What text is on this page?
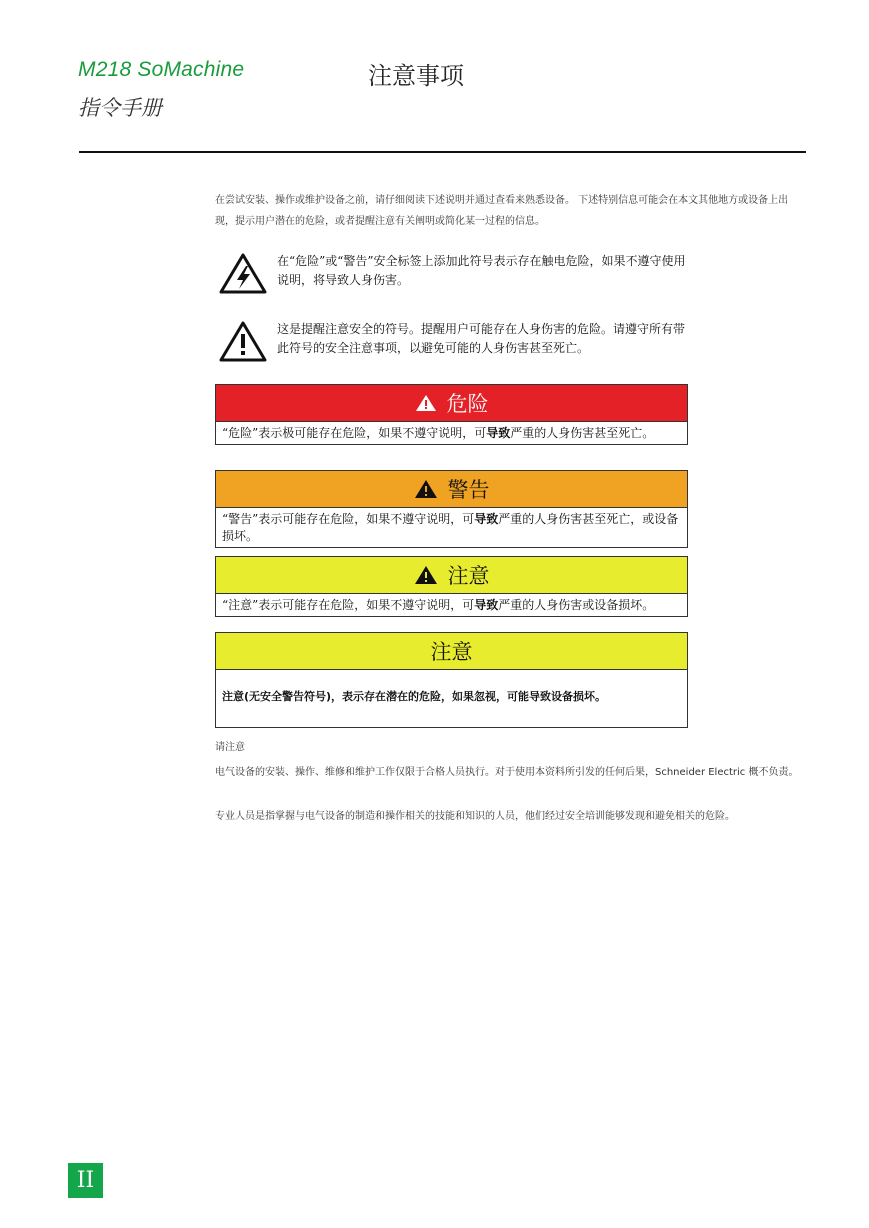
M218 SoMachine
指令手册
注意事项

在尝试安装、操作或维护设备之前，请仔细阅读下述说明并通过查看来熟悉设备。 下述特别信息可能会在本文其他地方或设备上出现，提示用户潜在的危险，或者提醒注意有关阐明或简化某一过程的信息。

在“危险”或“警告”安全标签上添加此符号表示存在触电危险，如果不遵守使用说明，将导致人身伤害。

这是提醒注意安全的符号。提醒用户可能存在人身伤害的危险。请遵守所有带此符号的安全注意事项，以避免可能的人身伤害甚至死亡。

危险
“危险”表示极可能存在危险，如果不遵守说明，可导致严重的人身伤害甚至死亡。
警告
“警告”表示可能存在危险，如果不遵守说明，可导致严重的人身伤害甚至死亡，或设备损坏。
注意
“注意”表示可能存在危险，如果不遵守说明，可导致严重的人身伤害或设备损坏。
注意
注意(无安全警告符号)，表示存在潜在的危险，如果忽视，可能导致设备损坏。
请注意

电气设备的安装、操作、维修和维护工作仅限于合格人员执行。对于使用本资料所引发的任何后果，Schneider Electric 概不负责。

专业人员是指掌握与电气设备的制造和操作相关的技能和知识的人员，他们经过安全培训能够发现和避免相关的危险。

II
